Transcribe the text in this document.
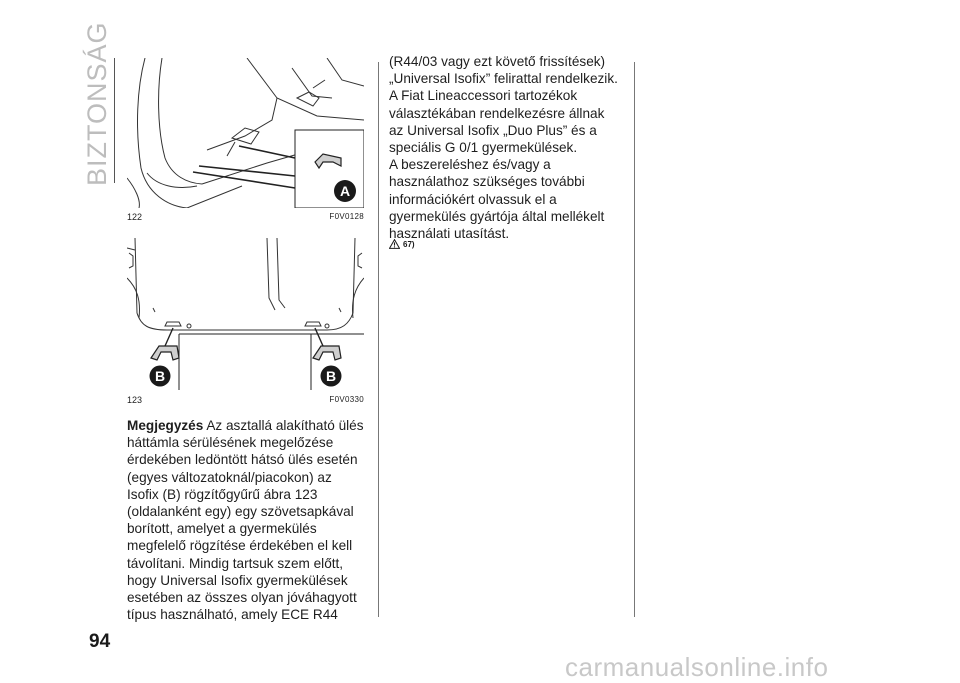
BIZTONSÁG
A
122	F0V0128
B	B
123	F0V0330

Megjegyzés Az asztallá alakítható ülés

háttámla sérülésének megelőzése

érdekében ledöntött hátsó ülés esetén

(egyes változatoknál/piacokon) az

Isofix (B) rögzítőgyűrű ábra 123

(oldalanként egy) egy szövetsapkával

borított, amelyet a gyermekülés

megfelelő rögzítése érdekében el kell

távolítani. Mindig tartsuk szem előtt,

hogy Universal Isofix gyermekülések

esetében az összes olyan jóváhagyott

típus használható, amely ECE R44

(R44/03 vagy ezt követő frissítések)

„Universal Isofix” felirattal rendelkezik.

A Fiat Lineaccessori tartozékok

választékában rendelkezésre állnak

az Universal Isofix „Duo Plus” és a

speciális G 0/1 gyermekülések.

A beszereléshez és/vagy a

használathoz szükséges további

információkért olvassuk el a

gyermekülés gyártója által mellékelt

használati utasítást.

67)
94
carmanualsonline.info
